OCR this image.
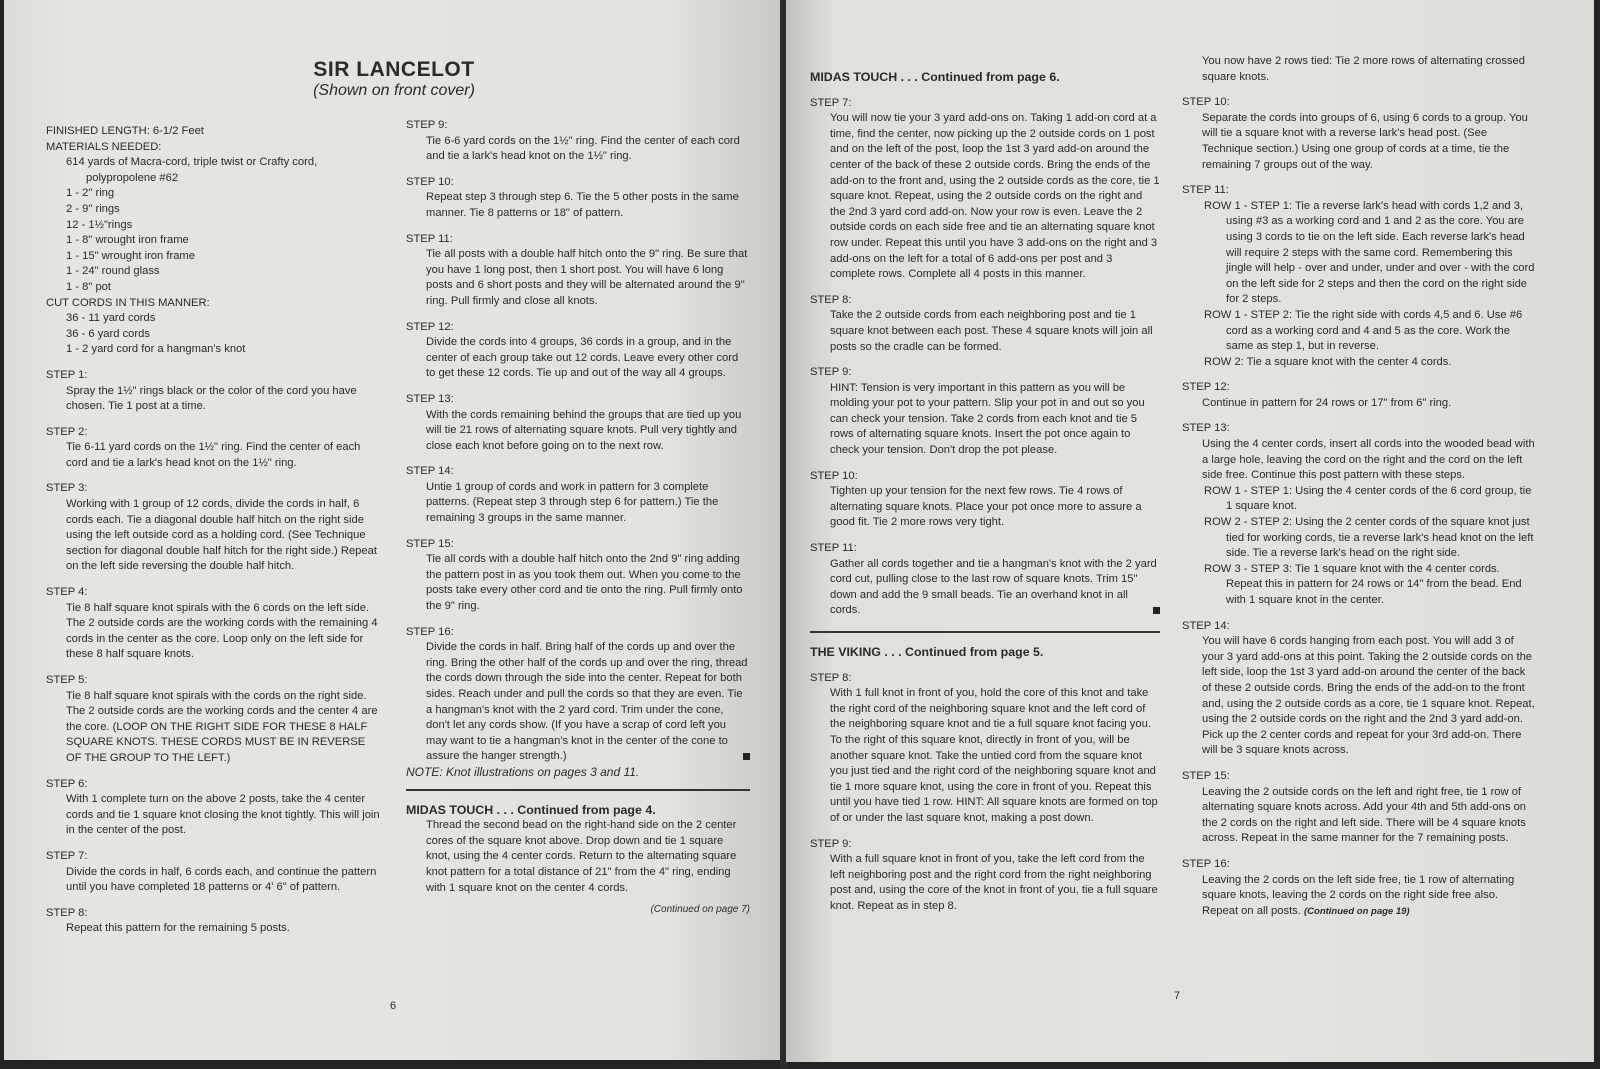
SIR LANCELOT
(Shown on front cover)

FINISHED LENGTH: 6-1/2 Feet

MATERIALS NEEDED:

614 yards of Macra-cord, triple twist or Crafty cord,

polypropolene #62

1 - 2" ring

2 - 9" rings

12 - 1½"rings

1 - 8" wrought iron frame

1 - 15" wrought iron frame

1 - 24" round glass

1 - 8" pot

CUT CORDS IN THIS MANNER:

36 - 11 yard cords

36 - 6 yard cords

1 - 2 yard cord for a hangman's knot

STEP 1:

Spray the 1½" rings black or the color of the cord you have chosen. Tie 1 post at a time.

STEP 2:

Tie 6-11 yard cords on the 1½" ring. Find the center of each cord and tie a lark's head knot on the 1½" ring.

STEP 3:

Working with 1 group of 12 cords, divide the cords in half, 6 cords each. Tie a diagonal double half hitch on the right side using the left outside cord as a holding cord. (See Technique section for diagonal double half hitch for the right side.) Repeat on the left side reversing the double half hitch.

STEP 4:

Tie 8 half square knot spirals with the 6 cords on the left side. The 2 outside cords are the working cords with the remaining 4 cords in the center as the core. Loop only on the left side for these 8 half square knots.

STEP 5:

Tie 8 half square knot spirals with the cords on the right side. The 2 outside cords are the working cords and the center 4 are the core. (LOOP ON THE RIGHT SIDE FOR THESE 8 HALF SQUARE KNOTS. THESE CORDS MUST BE IN REVERSE OF THE GROUP TO THE LEFT.)

STEP 6:

With 1 complete turn on the above 2 posts, take the 4 center cords and tie 1 square knot closing the knot tightly. This will join in the center of the post.

STEP 7:

Divide the cords in half, 6 cords each, and continue the pattern until you have completed 18 patterns or 4' 6" of pattern.

STEP 8:

Repeat this pattern for the remaining 5 posts.

STEP 9:

Tie 6-6 yard cords on the 1½" ring. Find the center of each cord and tie a lark's head knot on the 1½" ring.

STEP 10:

Repeat step 3 through step 6. Tie the 5 other posts in the same manner. Tie 8 patterns or 18" of pattern.

STEP 11:

Tie all posts with a double half hitch onto the 9" ring. Be sure that you have 1 long post, then 1 short post. You will have 6 long posts and 6 short posts and they will be alternated around the 9" ring. Pull firmly and close all knots.

STEP 12:

Divide the cords into 4 groups, 36 cords in a group, and in the center of each group take out 12 cords. Leave every other cord to get these 12 cords. Tie up and out of the way all 4 groups.

STEP 13:

With the cords remaining behind the groups that are tied up you will tie 21 rows of alternating square knots. Pull very tightly and close each knot before going on to the next row.

STEP 14:

Untie 1 group of cords and work in pattern for 3 complete patterns. (Repeat step 3 through step 6 for pattern.) Tie the remaining 3 groups in the same manner.

STEP 15:

Tie all cords with a double half hitch onto the 2nd 9" ring adding the pattern post in as you took them out. When you come to the posts take every other cord and tie onto the ring. Pull firmly onto the 9" ring.

STEP 16:

Divide the cords in half. Bring half of the cords up and over the ring. Bring the other half of the cords up and over the ring, thread the cords down through the side into the center. Repeat for both sides. Reach under and pull the cords so that they are even. Tie a hangman's knot with the 2 yard cord. Trim under the cone, don't let any cords show. (If you have a scrap of cord left you may want to tie a hangman's knot in the center of the cone to assure the hanger strength.)

NOTE: Knot illustrations on pages 3 and 11.

MIDAS TOUCH . . . Continued from page 4.

Thread the second bead on the right-hand side on the 2 center cores of the square knot above. Drop down and tie 1 square knot, using the 4 center cords. Return to the alternating square knot pattern for a total distance of 21" from the 4" ring, ending with 1 square knot on the center 4 cords.

(Continued on page 7)

6

MIDAS TOUCH . . . Continued from page 6.

STEP 7:

You will now tie your 3 yard add-ons on. Taking 1 add-on cord at a time, find the center, now picking up the 2 outside cords on 1 post and on the left of the post, loop the 1st 3 yard add-on around the center of the back of these 2 outside cords. Bring the ends of the add-on to the front and, using the 2 outside cords as the core, tie 1 square knot. Repeat, using the 2 outside cords on the right and the 2nd 3 yard cord add-on. Now your row is even. Leave the 2 outside cords on each side free and tie an alternating square knot row under. Repeat this until you have 3 add-ons on the right and 3 add-ons on the left for a total of 6 add-ons per post and 3 complete rows. Complete all 4 posts in this manner.

STEP 8:

Take the 2 outside cords from each neighboring post and tie 1 square knot between each post. These 4 square knots will join all posts so the cradle can be formed.

STEP 9:

HINT: Tension is very important in this pattern as you will be molding your pot to your pattern. Slip your pot in and out so you can check your tension. Take 2 cords from each knot and tie 5 rows of alternating square knots. Insert the pot once again to check your tension. Don't drop the pot please.

STEP 10:

Tighten up your tension for the next few rows. Tie 4 rows of alternating square knots. Place your pot once more to assure a good fit. Tie 2 more rows very tight.

STEP 11:

Gather all cords together and tie a hangman's knot with the 2 yard cord cut, pulling close to the last row of square knots. Trim 15" down and add the 9 small beads. Tie an overhand knot in all cords.

THE VIKING . . . Continued from page 5.

STEP 8:

With 1 full knot in front of you, hold the core of this knot and take the right cord of the neighboring square knot and the left cord of the neighboring square knot and tie a full square knot facing you. To the right of this square knot, directly in front of you, will be another square knot. Take the untied cord from the square knot you just tied and the right cord of the neighboring square knot and tie 1 more square knot, using the core in front of you. Repeat this until you have tied 1 row. HINT: All square knots are formed on top of or under the last square knot, making a post down.

STEP 9:

With a full square knot in front of you, take the left cord from the left neighboring post and the right cord from the right neighboring post and, using the core of the knot in front of you, tie a full square knot. Repeat as in step 8.

You now have 2 rows tied: Tie 2 more rows of alternating crossed square knots.

STEP 10:

Separate the cords into groups of 6, using 6 cords to a group. You will tie a square knot with a reverse lark's head post. (See Technique section.) Using one group of cords at a time, tie the remaining 7 groups out of the way.

STEP 11:

ROW 1 - STEP 1: Tie a reverse lark's head with cords 1,2 and 3, using #3 as a working cord and 1 and 2 as the core. You are using 3 cords to tie on the left side. Each reverse lark's head will require 2 steps with the same cord. Remembering this jingle will help - over and under, under and over - with the cord on the left side for 2 steps and then the cord on the right side for 2 steps.

ROW 1 - STEP 2: Tie the right side with cords 4,5 and 6. Use #6 cord as a working cord and 4 and 5 as the core. Work the same as step 1, but in reverse.

ROW 2: Tie a square knot with the center 4 cords.

STEP 12:

Continue in pattern for 24 rows or 17" from 6" ring.

STEP 13:

Using the 4 center cords, insert all cords into the wooded bead with a large hole, leaving the cord on the right and the cord on the left side free. Continue this post pattern with these steps.

ROW 1 - STEP 1: Using the 4 center cords of the 6 cord group, tie 1 square knot.

ROW 2 - STEP 2: Using the 2 center cords of the square knot just tied for working cords, tie a reverse lark's head knot on the left side. Tie a reverse lark's head on the right side.

ROW 3 - STEP 3: Tie 1 square knot with the 4 center cords. Repeat this in pattern for 24 rows or 14" from the bead. End with 1 square knot in the center.

STEP 14:

You will have 6 cords hanging from each post. You will add 3 of your 3 yard add-ons at this point. Taking the 2 outside cords on the left side, loop the 1st 3 yard add-on around the center of the back of these 2 outside cords. Bring the ends of the add-on to the front and, using the 2 outside cords as a core, tie 1 square knot. Repeat, using the 2 outside cords on the right and the 2nd 3 yard add-on. Pick up the 2 center cords and repeat for your 3rd add-on. There will be 3 square knots across.

STEP 15:

Leaving the 2 outside cords on the left and right free, tie 1 row of alternating square knots across. Add your 4th and 5th add-ons on the 2 cords on the right and left side. There will be 4 square knots across. Repeat in the same manner for the 7 remaining posts.

STEP 16:

Leaving the 2 cords on the left side free, tie 1 row of alternating square knots, leaving the 2 cords on the right side free also. Repeat on all posts. (Continued on page 19)

7
